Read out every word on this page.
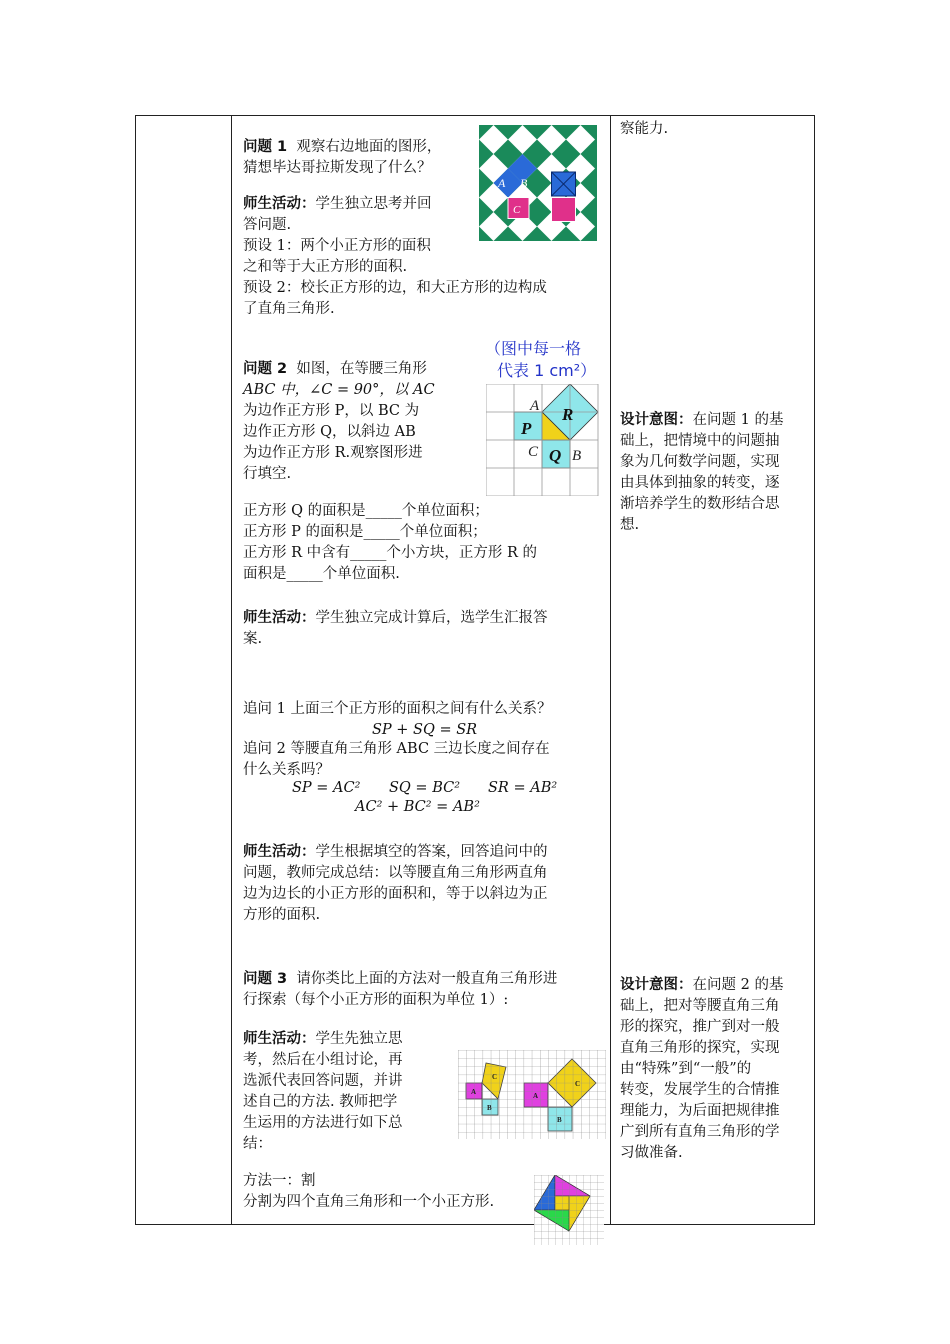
察能力.
问题 1 观察右边地面的图形，
猜想毕达哥拉斯发现了什么？
师生活动：学生独立思考并回
答问题.
预设 1：两个小正方形的面积
之和等于大正方形的面积.
预设 2：校长正方形的边，和大正方形的边构成
了直角三角形.
A B
C
问题 2 如图，在等腰三角形
ABC 中，∠C = 90°，以 AC
为边作正方形 P，以 BC 为
边作正方形 Q，以斜边 AB
为边作正方形 R.观察图形进
行填空.
（图中每一格
代表 1 cm²）
A
B
C
P
Q
R
正方形 Q 的面积是_____个单位面积；
正方形 P 的面积是_____个单位面积；
正方形 R 中含有_____个小方块，正方形 R 的
面积是_____个单位面积.
师生活动：学生独立完成计算后，选学生汇报答
案.
追问 1 上面三个正方形的面积之间有什么关系？
SP + SQ = SR
追问 2 等腰直角三角形 ABC 三边长度之间存在
什么关系吗？
SP = AC² SQ = BC² SR = AB²
AC² + BC² = AB²
师生活动：学生根据填空的答案，回答追问中的
问题，教师完成总结：以等腰直角三角形两直角
边为边长的小正方形的面积和，等于以斜边为正
方形的面积.
设计意图：在问题 1 的基
础上，把情境中的问题抽
象为几何数学问题，实现
由具体到抽象的转变，逐
渐培养学生的数形结合思
想.
问题 3 请你类比上面的方法对一般直角三角形进
行探索（每个小正方形的面积为单位 1）:
师生活动：学生先独立思
考，然后在小组讨论，再
选派代表回答问题，并讲
述自己的方法. 教师把学
生运用的方法进行如下总
结：
A
B
C
A
B
C
方法一：割
分割为四个直角三角形和一个小正方形.
设计意图：在问题 2 的基
础上，把对等腰直角三角
形的探究，推广到对一般
直角三角形的探究，实现
由“特殊”到“一般”的
转变，发展学生的合情推
理能力，为后面把规律推
广到所有直角三角形的学
习做准备.
